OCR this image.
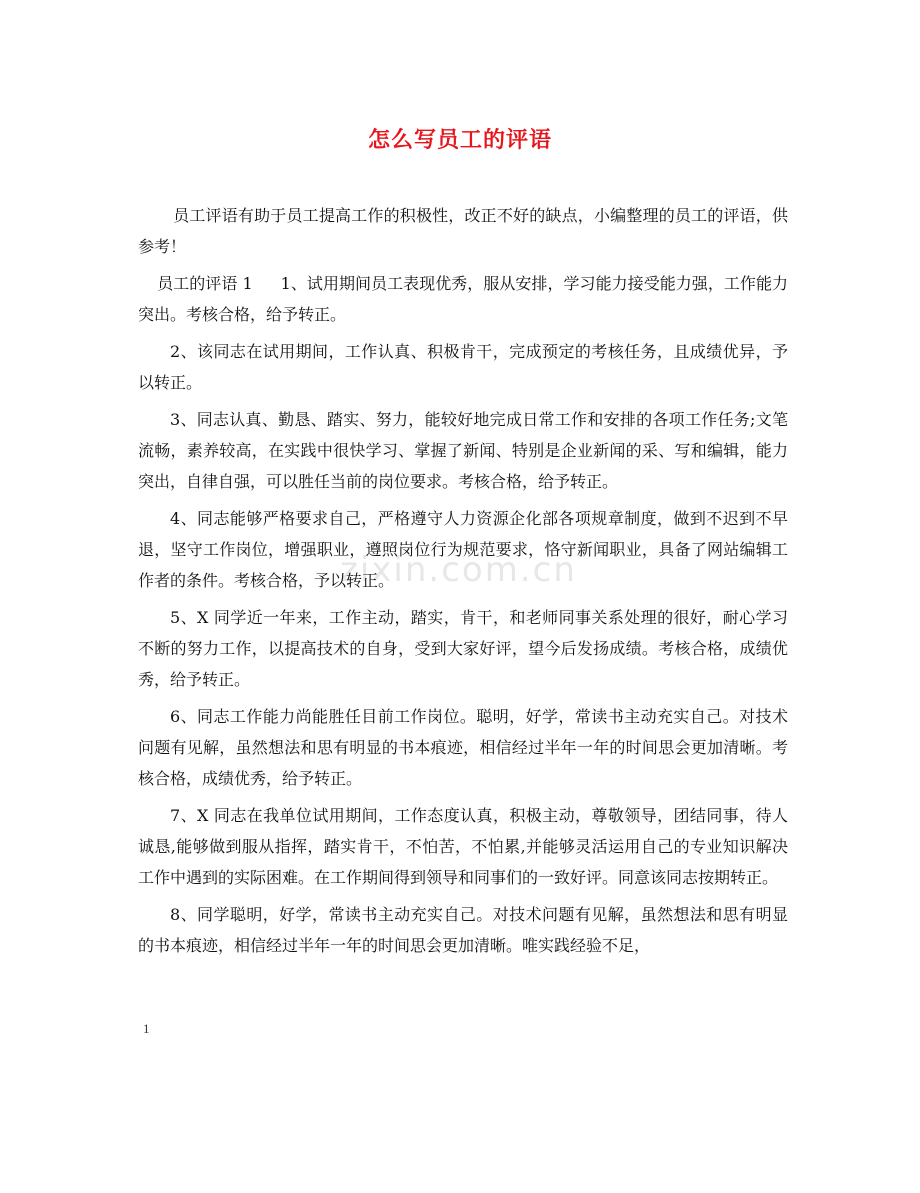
怎么写员工的评语
zixin.com.cn

员工评语有助于员工提高工作的积极性，改正不好的缺点，小编整理的员工的评语，供参考！

员工的评语 1 1、试用期间员工表现优秀，服从安排，学习能力接受能力强，工作能力突出。考核合格，给予转正。

2、该同志在试用期间，工作认真、积极肯干，完成预定的考核任务，且成绩优异，予以转正。

3、同志认真、勤恳、踏实、努力，能较好地完成日常工作和安排的各项工作任务;文笔流畅，素养较高，在实践中很快学习、掌握了新闻、特别是企业新闻的采、写和编辑，能力突出，自律自强，可以胜任当前的岗位要求。考核合格，给予转正。

4、同志能够严格要求自己，严格遵守人力资源企化部各项规章制度，做到不迟到不早退，坚守工作岗位，增强职业，遵照岗位行为规范要求，恪守新闻职业，具备了网站编辑工作者的条件。考核合格，予以转正。

5、X 同学近一年来，工作主动，踏实，肯干，和老师同事关系处理的很好，耐心学习不断的努力工作，以提高技术的自身，受到大家好评，望今后发扬成绩。考核合格，成绩优秀，给予转正。

6、同志工作能力尚能胜任目前工作岗位。聪明，好学，常读书主动充实自己。对技术问题有见解，虽然想法和思有明显的书本痕迹，相信经过半年一年的时间思会更加清晰。考核合格，成绩优秀，给予转正。

7、X 同志在我单位试用期间，工作态度认真，积极主动，尊敬领导，团结同事，待人诚恳,能够做到服从指挥，踏实肯干，不怕苦，不怕累,并能够灵活运用自己的专业知识解决工作中遇到的实际困难。在工作期间得到领导和同事们的一致好评。同意该同志按期转正。

8、同学聪明，好学，常读书主动充实自己。对技术问题有见解，虽然想法和思有明显的书本痕迹，相信经过半年一年的时间思会更加清晰。唯实践经验不足，

1
